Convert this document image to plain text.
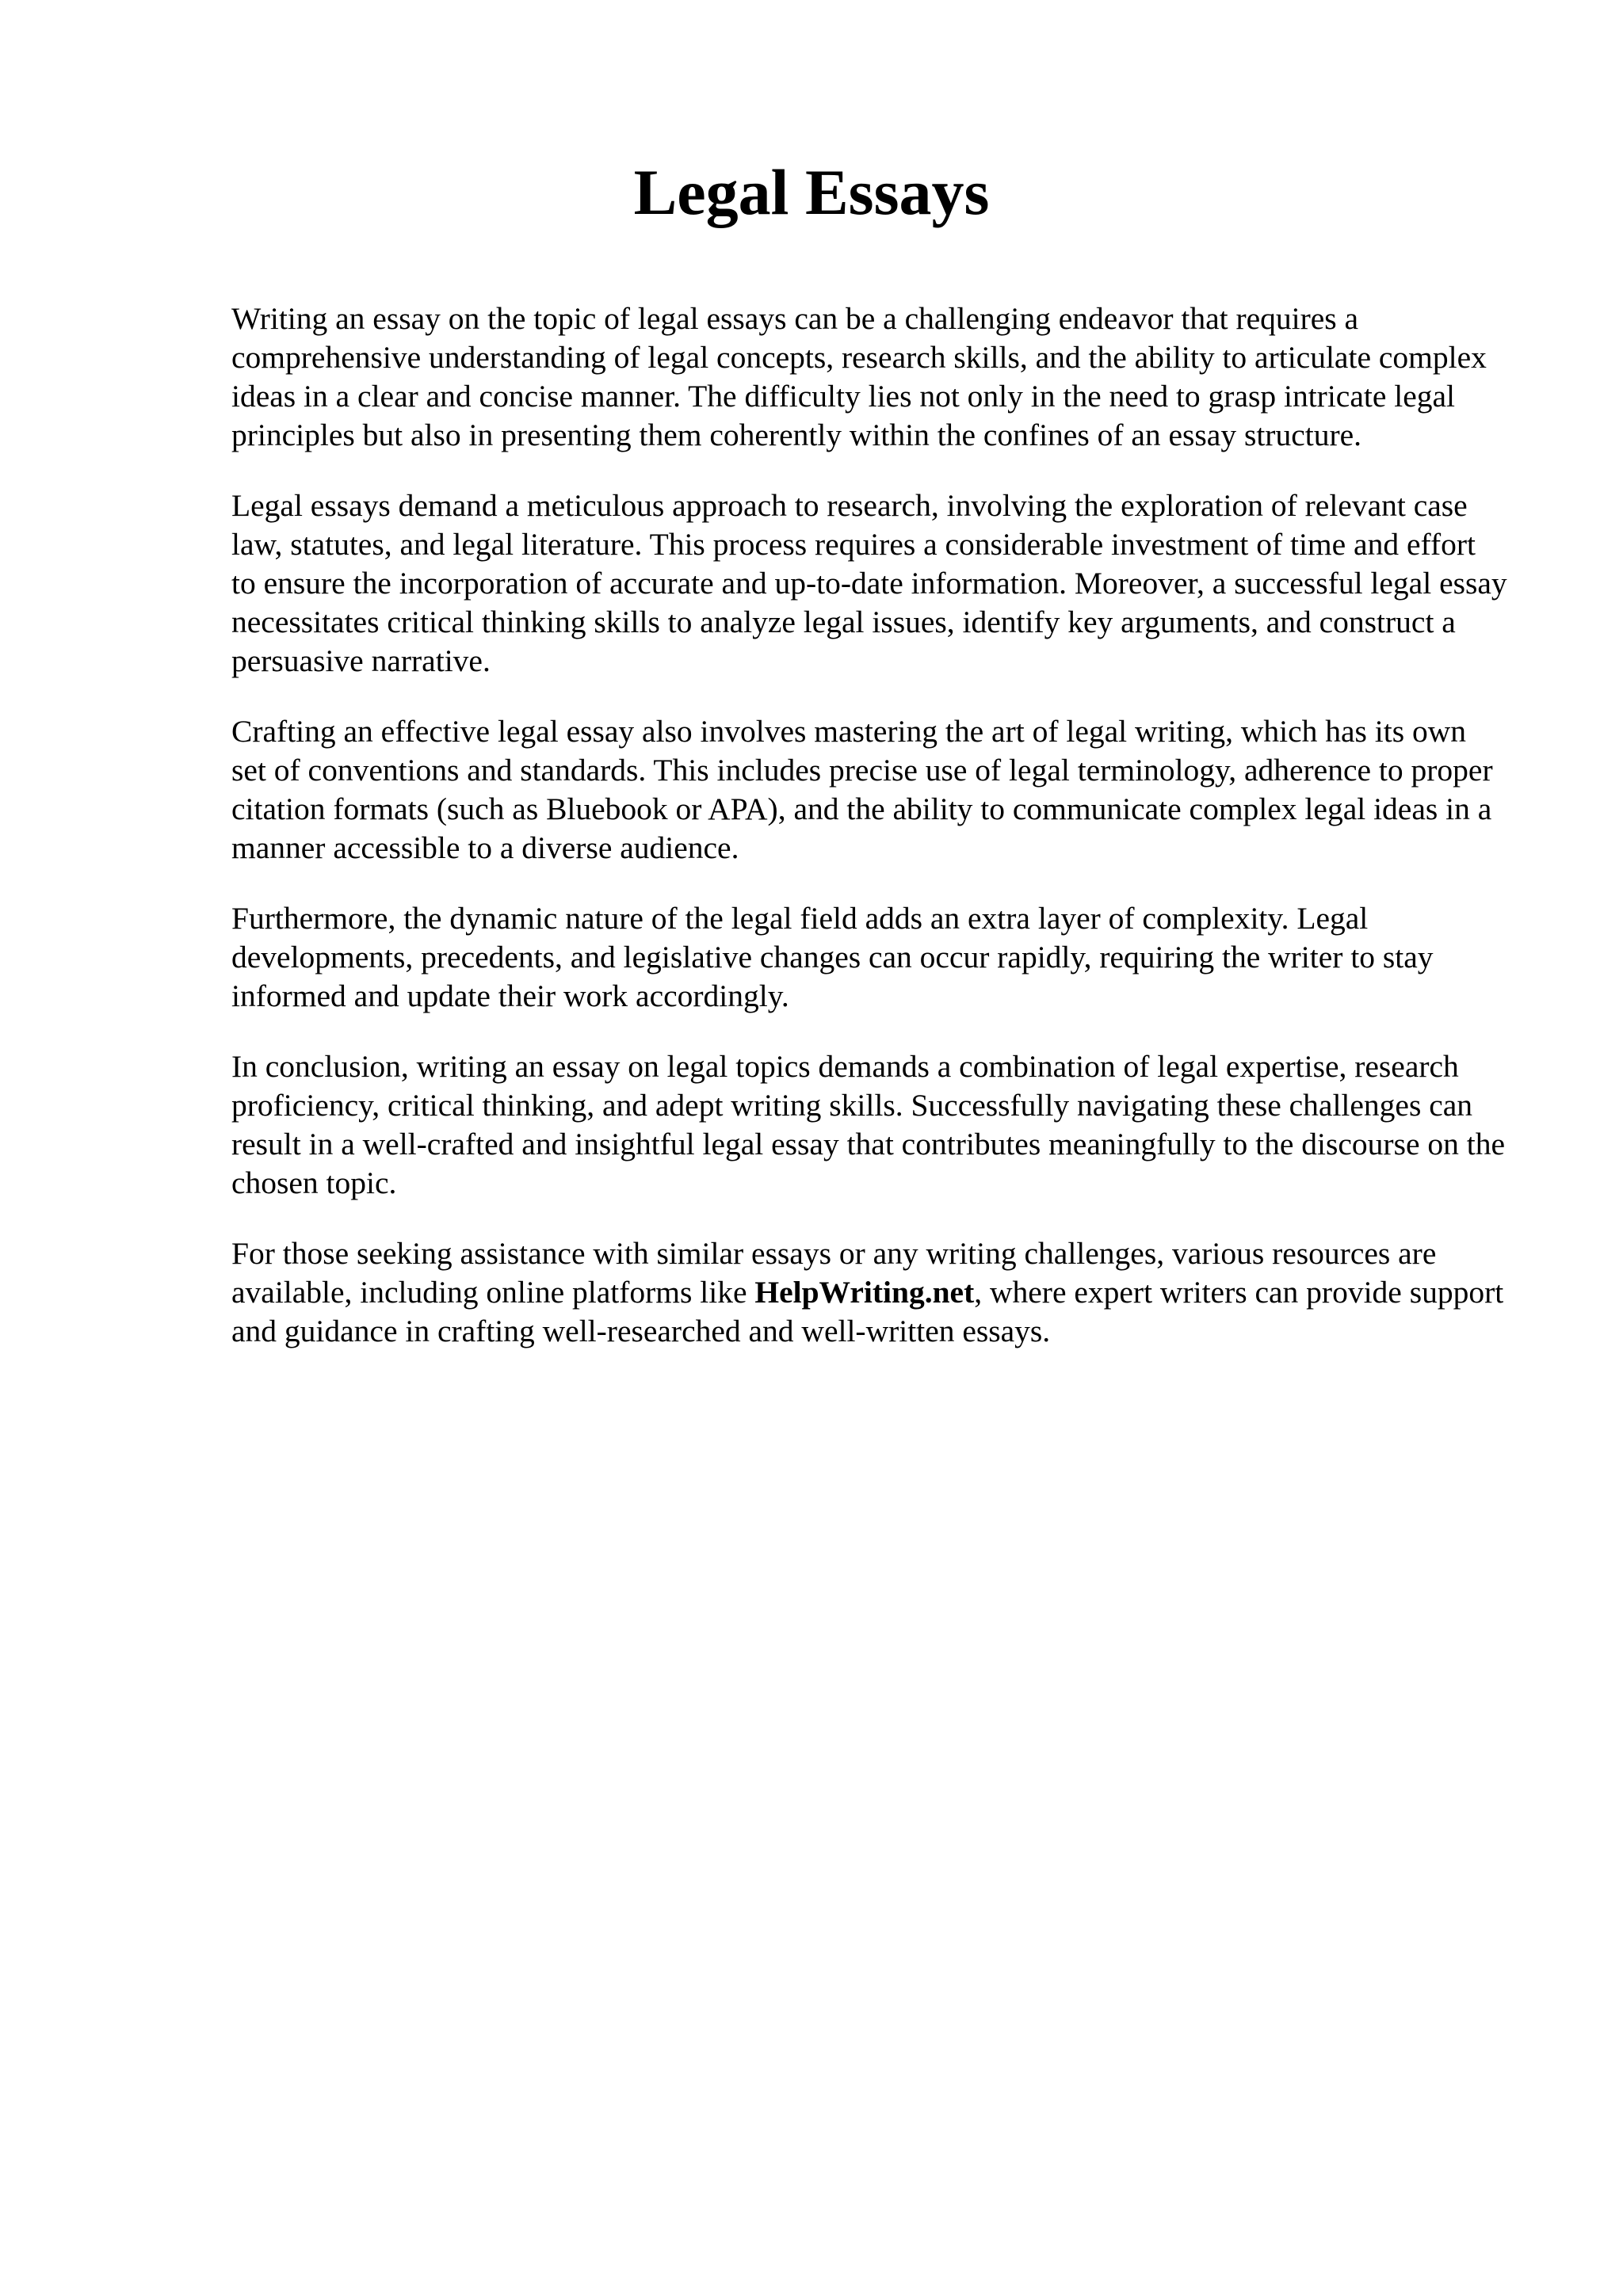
Legal Essays

Writing an essay on the topic of legal essays can be a challenging endeavor that requires a comprehensive understanding of legal concepts, research skills, and the ability to articulate complex ideas in a clear and concise manner. The difficulty lies not only in the need to grasp intricate legal principles but also in presenting them coherently within the confines of an essay structure.

Legal essays demand a meticulous approach to research, involving the exploration of relevant case law, statutes, and legal literature. This process requires a considerable investment of time and effort to ensure the incorporation of accurate and up-to-date information. Moreover, a successful legal essay necessitates critical thinking skills to analyze legal issues, identify key arguments, and construct a persuasive narrative.

Crafting an effective legal essay also involves mastering the art of legal writing, which has its own set of conventions and standards. This includes precise use of legal terminology, adherence to proper citation formats (such as Bluebook or APA), and the ability to communicate complex legal ideas in a manner accessible to a diverse audience.

Furthermore, the dynamic nature of the legal field adds an extra layer of complexity. Legal developments, precedents, and legislative changes can occur rapidly, requiring the writer to stay informed and update their work accordingly.

In conclusion, writing an essay on legal topics demands a combination of legal expertise, research proficiency, critical thinking, and adept writing skills. Successfully navigating these challenges can result in a well-crafted and insightful legal essay that contributes meaningfully to the discourse on the chosen topic.

For those seeking assistance with similar essays or any writing challenges, various resources are available, including online platforms like HelpWriting.net, where expert writers can provide support and guidance in crafting well-researched and well-written essays.
